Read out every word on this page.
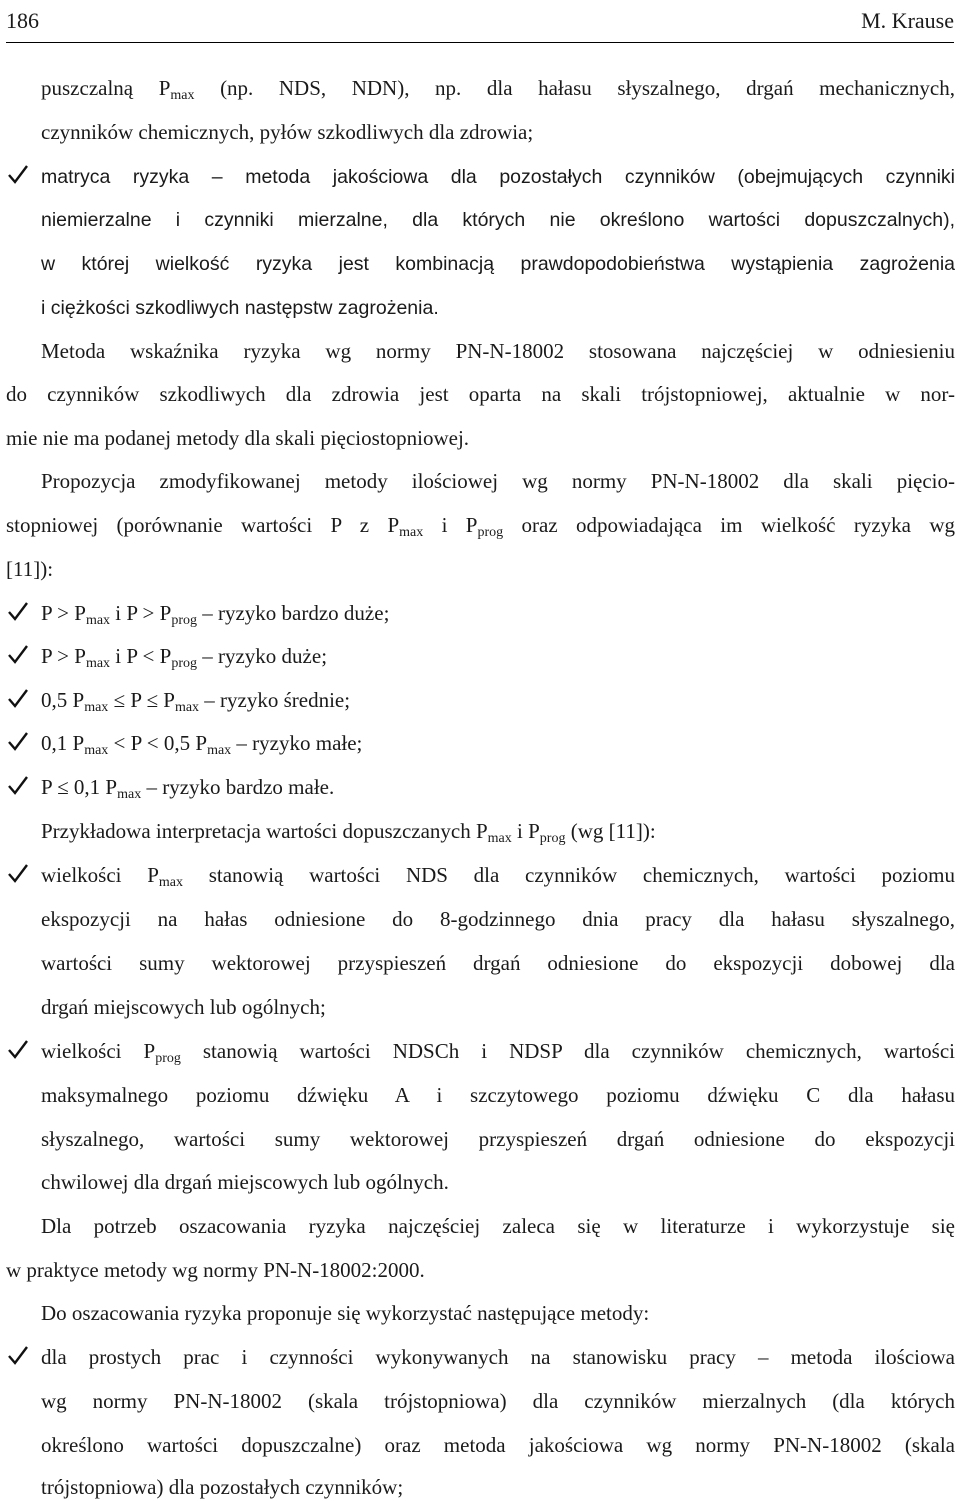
186	M. Krause
puszczalną $P_{max}$ (np. NDS, NDN), np. dla hałasu słyszalnego, drgań mechanicznych,
czynników chemicznych, pyłów szkodliwych dla zdrowia;
matryca ryzyka – metoda jakościowa dla pozostałych czynników (obejmujących czynniki
niemierzalne i czynniki mierzalne, dla których nie określono wartości dopuszczalnych),
w której wielkość ryzyka jest kombinacją prawdopodobieństwa wystąpienia zagrożenia
i ciężkości szkodliwych następstw zagrożenia.
Metoda wskaźnika ryzyka wg normy PN-N-18002 stosowana najczęściej w odniesieniu
do czynników szkodliwych dla zdrowia jest oparta na skali trójstopniowej, aktualnie w nor-
mie nie ma podanej metody dla skali pięciostopniowej.
Propozycja zmodyfikowanej metody ilościowej wg normy PN-N-18002 dla skali pięcio-
stopniowej (porównanie wartości P z $P_{max}$ i $P_{prog}$ oraz odpowiadająca im wielkość ryzyka wg
[11]):
$P > P_{max}$ i $P > P_{prog}$ – ryzyko bardzo duże;
$P > P_{max}$ i $P < P_{prog}$ – ryzyko duże;
0,5 $P_{max} \le P \le P_{max}$ – ryzyko średnie;
0,1 $P_{max} < P < 0,5$ $P_{max}$ – ryzyko małe;
P ≤ 0,1 $P_{max}$ – ryzyko bardzo małe.
Przykładowa interpretacja wartości dopuszczanych $P_{max}$ i $P_{prog}$ (wg [11]):
wielkości $P_{max}$ stanowią wartości NDS dla czynników chemicznych, wartości poziomu
ekspozycji na hałas odniesione do 8-godzinnego dnia pracy dla hałasu słyszalnego,
wartości sumy wektorowej przyspieszeń drgań odniesione do ekspozycji dobowej dla
drgań miejscowych lub ogólnych;
wielkości $P_{prog}$ stanowią wartości NDSCh i NDSP dla czynników chemicznych, wartości
maksymalnego poziomu dźwięku A i szczytowego poziomu dźwięku C dla hałasu
słyszalnego, wartości sumy wektorowej przyspieszeń drgań odniesione do ekspozycji
chwilowej dla drgań miejscowych lub ogólnych.
Dla potrzeb oszacowania ryzyka najczęściej zaleca się w literaturze i wykorzystuje się
w praktyce metody wg normy PN-N-18002:2000.
Do oszacowania ryzyka proponuje się wykorzystać następujące metody:
dla prostych prac i czynności wykonywanych na stanowisku pracy – metoda ilościowa
wg normy PN-N-18002 (skala trójstopniowa) dla czynników mierzalnych (dla których
określono wartości dopuszczalne) oraz metoda jakościowa wg normy PN-N-18002 (skala
trójstopniowa) dla pozostałych czynników;
